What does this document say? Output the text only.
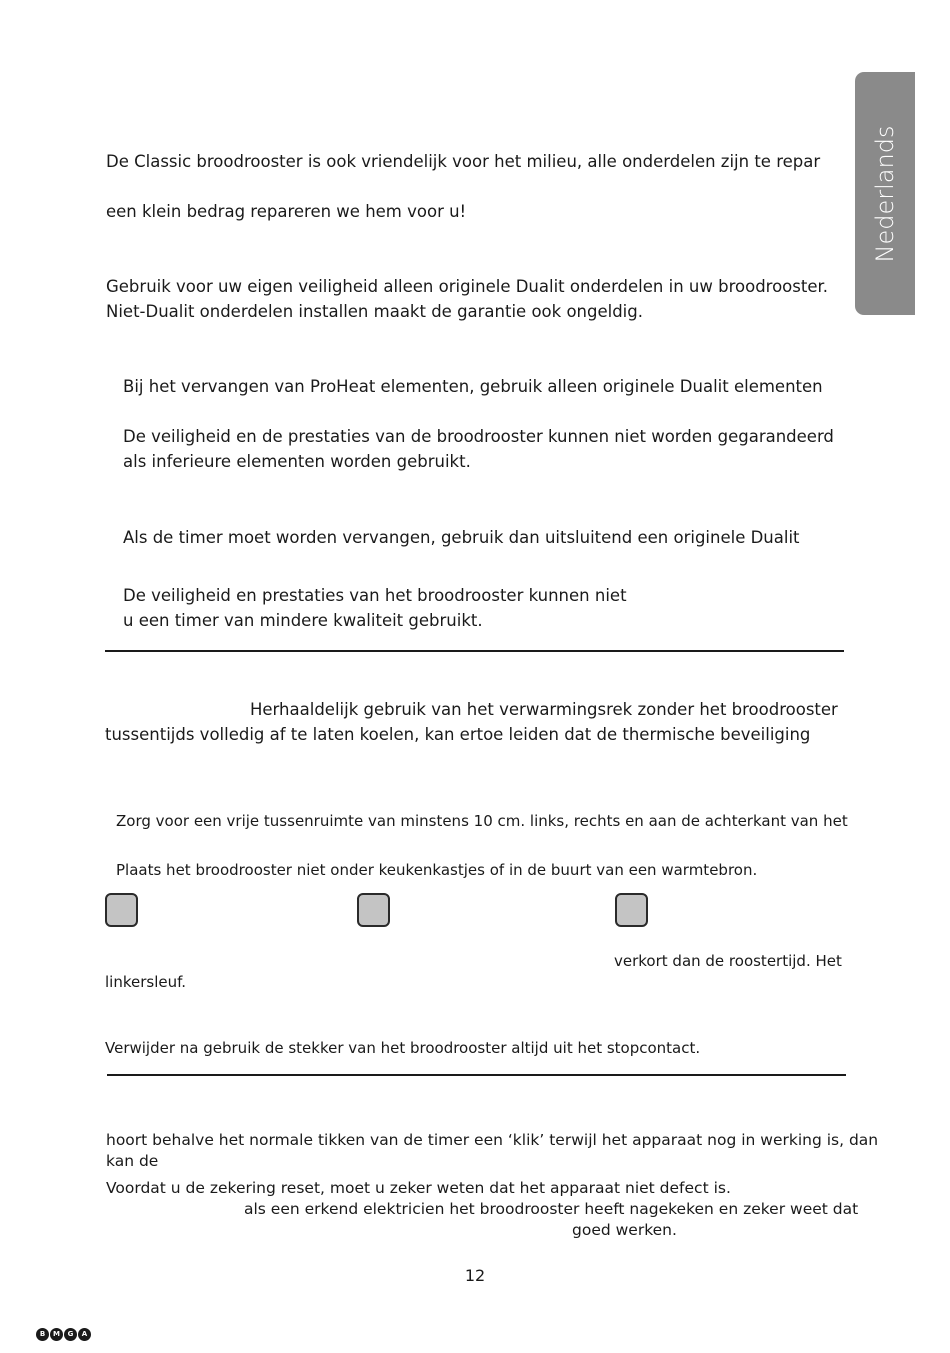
Nederlands

De Classic broodrooster is ook vriendelijk voor het milieu, alle onderdelen zijn te repar

een klein bedrag repareren we hem voor u!

Gebruik voor uw eigen veiligheid alleen originele Dualit onderdelen in uw broodrooster.

Niet-Dualit onderdelen installen maakt de garantie ook ongeldig.

Bij het vervangen van ProHeat elementen, gebruik alleen originele Dualit elementen

De veiligheid en de prestaties van de broodrooster kunnen niet worden gegarandeerd

als inferieure elementen worden gebruikt.

Als de timer moet worden vervangen, gebruik dan uitsluitend een originele Dualit

De veiligheid en prestaties van het broodrooster kunnen niet

u een timer van mindere kwaliteit gebruikt.

Herhaaldelijk gebruik van het verwarmingsrek zonder het broodrooster

tussentijds volledig af te laten koelen, kan ertoe leiden dat de thermische beveiliging

Zorg voor een vrije tussenruimte van minstens 10 cm. links, rechts en aan de achterkant van het

Plaats het broodrooster niet onder keukenkastjes of in de buurt van een warmtebron.

verkort dan de roostertijd. Het

linkersleuf.

Verwijder na gebruik de stekker van het broodrooster altijd uit het stopcontact.

hoort behalve het normale tikken van de timer een ‘klik’ terwijl het apparaat nog in werking is, dan

kan de

Voordat u de zekering reset, moet u zeker weten dat het apparaat niet defect is.

als een erkend elektricien het broodrooster heeft nagekeken en zeker weet dat

goed werken.

12
B	M	G	A
